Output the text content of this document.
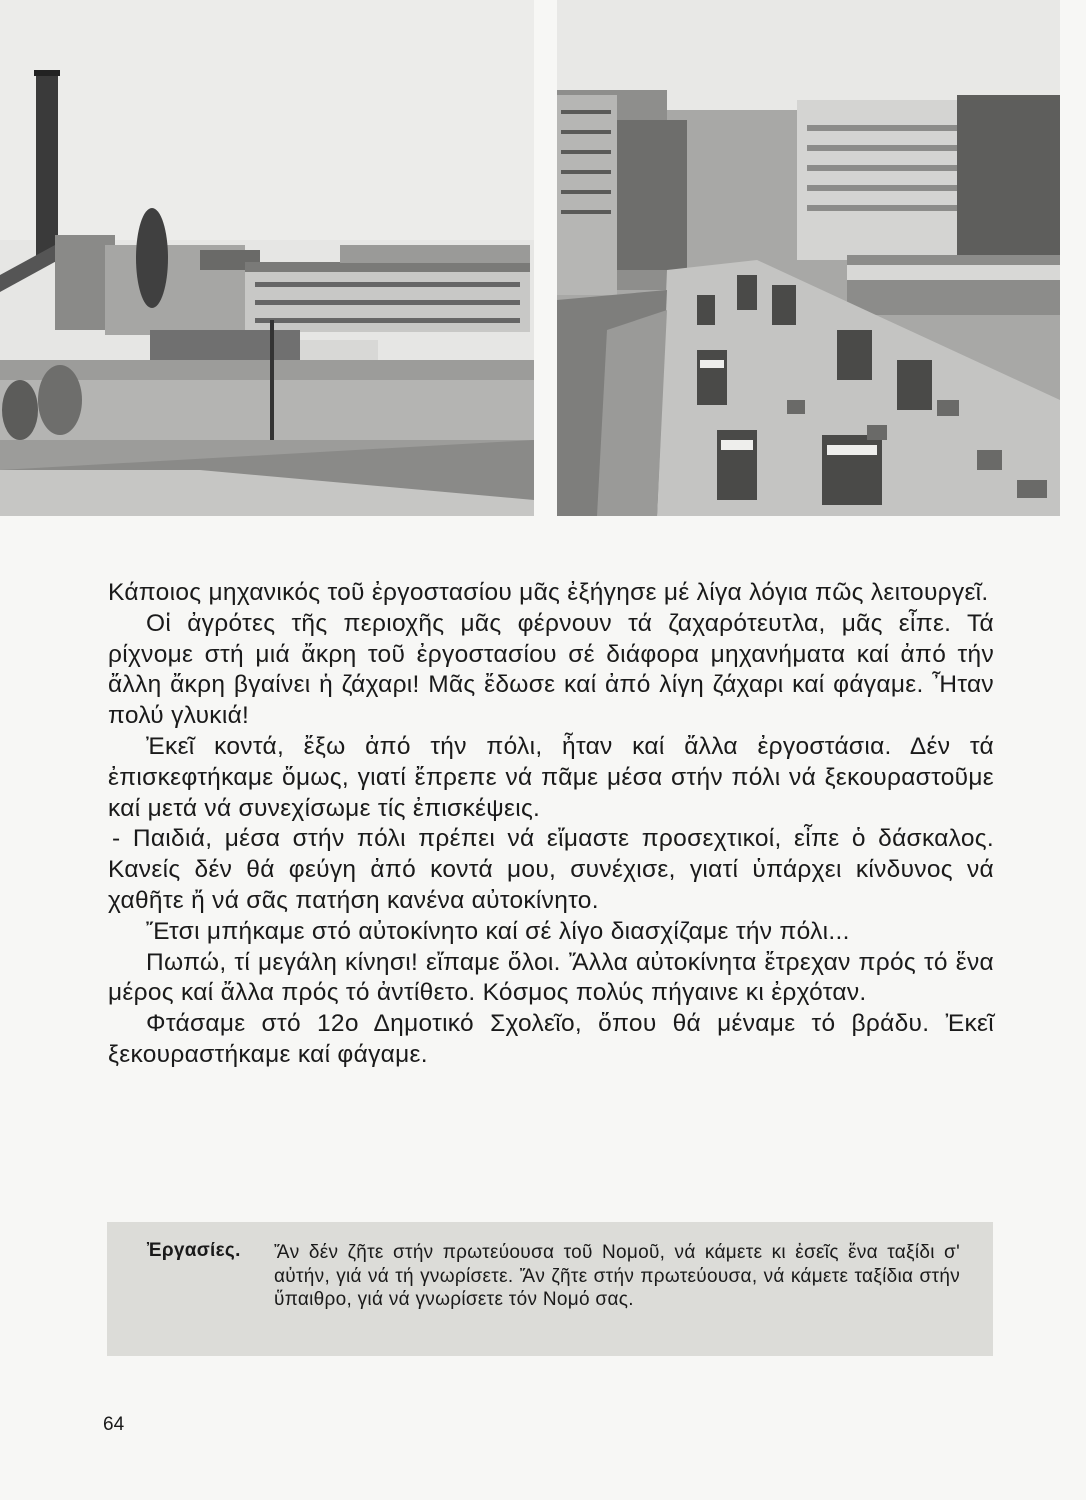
Κάποιος μηχανικός τοῦ ἐργοστασίου μᾶς ἐξήγησε μέ λίγα λόγια πῶς λειτουργεῖ.

Οἱ ἀγρότες τῆς περιοχῆς μᾶς φέρνουν τά ζαχαρότευτλα, μᾶς εἶπε. Τά ρίχνομε στή μιά ἄκρη τοῦ ἐργοστασίου σέ διάφορα μηχανήματα καί ἀπό τήν ἄλλη ἄκρη βγαίνει ἡ ζάχαρι! Μᾶς ἔδωσε καί ἀπό λίγη ζάχαρι καί φάγαμε. Ἦταν πολύ γλυκιά!

Ἐκεῖ κοντά, ἔξω ἀπό τήν πόλι, ἦταν καί ἄλλα ἐργοστάσια. Δέν τά ἐπισκεφτήκαμε ὅμως, γιατί ἔπρεπε νά πᾶμε μέσα στήν πόλι νά ξεκουραστοῦμε καί μετά νά συνεχίσωμε τίς ἐπισκέψεις.

- Παιδιά, μέσα στήν πόλι πρέπει νά εἴμαστε προσεχτικοί, εἶπε ὁ δάσκαλος. Κανείς δέν θά φεύγη ἀπό κοντά μου, συνέχισε, γιατί ὑπάρχει κίνδυνος νά χαθῆτε ἤ νά σᾶς πατήση κανένα αὐτοκίνητο.

Ἔτσι μπήκαμε στό αὐτοκίνητο καί σέ λίγο διασχίζαμε τήν πόλι...

Πωπώ, τί μεγάλη κίνησι! εἴπαμε ὅλοι. Ἄλλα αὐτοκίνητα ἔτρεχαν πρός τό ἕνα μέρος καί ἄλλα πρός τό ἀντίθετο. Κόσμος πολύς πήγαινε κι ἐρχόταν.

Φτάσαμε στό 12ο Δημοτικό Σχολεῖο, ὅπου θά μέναμε τό βράδυ. Ἐκεῖ ξεκουραστήκαμε καί φάγαμε.

Ἐργασίες. Ἄν δέν ζῆτε στήν πρωτεύουσα τοῦ Νομοῦ, νά κάμετε κι ἐσεῖς ἕνα ταξίδι σ' αὐτήν, γιά νά τή γνωρίσετε. Ἄν ζῆτε στήν πρωτεύουσα, νά κάμετε ταξίδια στήν ὕπαιθρο, γιά νά γνωρίσετε τόν Νομό σας.

64
